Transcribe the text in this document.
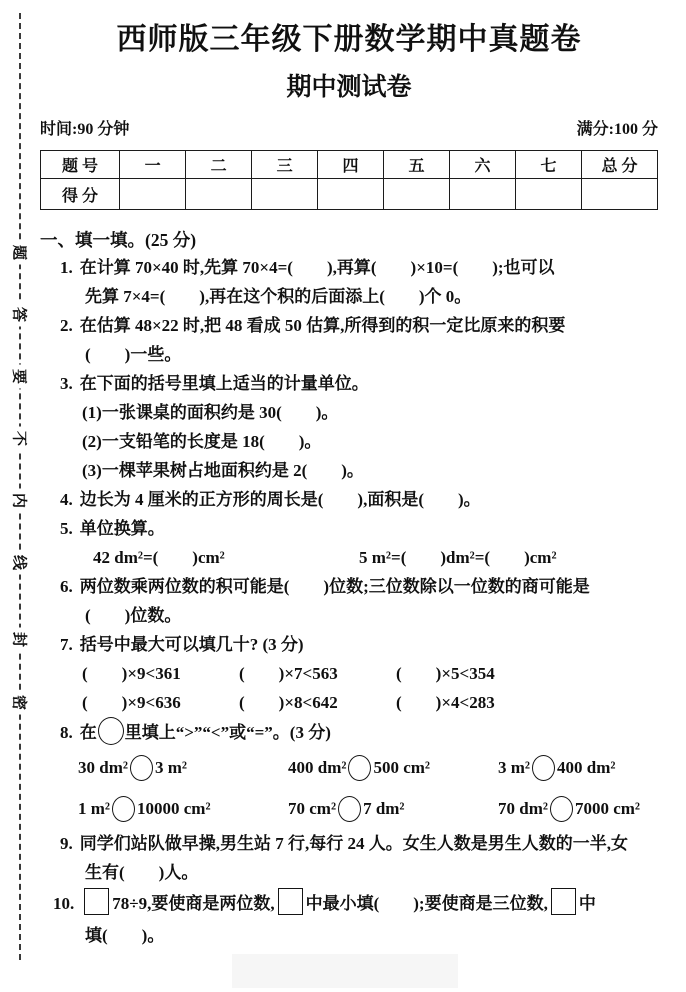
题
答
要
不
内
线
封
密
西师版三年级下册数学期中真题卷
期中测试卷
时间:90 分钟	满分:100 分
题 号	一	二	三	四	五	六	七	总 分
得 分								
一、填一填。(25 分)
1. 在计算 70×40 时,先算 70×4=(　　),再算(　　)×10=(　　);也可以
先算 7×4=(　　),再在这个积的后面添上(　　)个 0。
2. 在估算 48×22 时,把 48 看成 50 估算,所得到的积一定比原来的积要
(　　)一些。
3. 在下面的括号里填上适当的计量单位。
(1)一张课桌的面积约是 30(　　)。
(2)一支铅笔的长度是 18(　　)。
(3)一棵苹果树占地面积约是 2(　　)。
4. 边长为 4 厘米的正方形的周长是(　　),面积是(　　)。
5. 单位换算。
42 dm²=(　　)cm²	5 m²=(　　)dm²=(　　)cm²
6. 两位数乘两位数的积可能是(　　)位数;三位数除以一位数的商可能是
(　　)位数。
7. 括号中最大可以填几十? (3 分)
(　　)×9<361	(　　)×7<563	(　　)×5<354
(　　)×9<636	(　　)×8<642	(　　)×4<283
8. 在 里填上“>”“<”或“=”。(3 分)
30 dm² 3 m²	400 dm² 500 cm²	3 m² 400 dm²
1 m² 10000 cm²	70 cm² 7 dm²	70 dm² 7000 cm²
9. 同学们站队做早操,男生站 7 行,每行 24 人。女生人数是男生人数的一半,女
生有(　　)人。
10. 78÷9,要使商是两位数, 中最小填(　　);要使商是三位数, 中
填(　　)。
